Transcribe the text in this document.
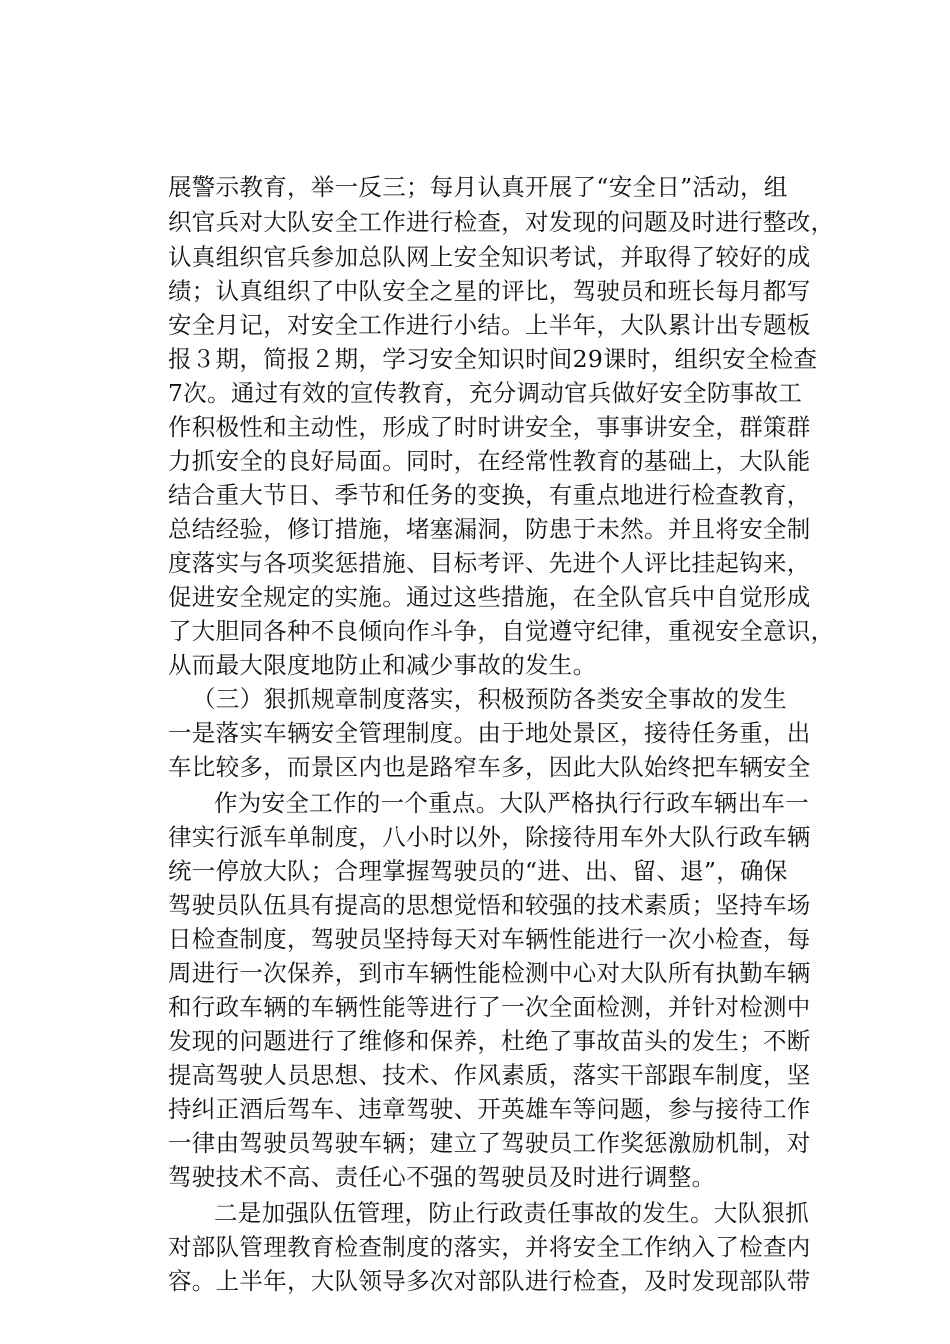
展警示教育，举一反三；每月认真开展了“安全日”活动，组
织官兵对大队安全工作进行检查，对发现的问题及时进行整改，
认真组织官兵参加总队网上安全知识考试，并取得了较好的成
绩；认真组织了中队安全之星的评比，驾驶员和班长每月都写
安全月记，对安全工作进行小结。上半年，大队累计出专题板
报３期，简报２期，学习安全知识时间29课时，组织安全检查
7次。通过有效的宣传教育，充分调动官兵做好安全防事故工
作积极性和主动性，形成了时时讲安全，事事讲安全，群策群
力抓安全的良好局面。同时，在经常性教育的基础上，大队能
结合重大节日、季节和任务的变换，有重点地进行检查教育，
总结经验，修订措施，堵塞漏洞，防患于未然。并且将安全制
度落实与各项奖惩措施、目标考评、先进个人评比挂起钩来，
促进安全规定的实施。通过这些措施，在全队官兵中自觉形成
了大胆同各种不良倾向作斗争，自觉遵守纪律，重视安全意识，
从而最大限度地防止和减少事故的发生。
（三）狠抓规章制度落实，积极预防各类安全事故的发生
一是落实车辆安全管理制度。由于地处景区，接待任务重，出
车比较多，而景区内也是路窄车多，因此大队始终把车辆安全
作为安全工作的一个重点。大队严格执行行政车辆出车一
律实行派车单制度，八小时以外，除接待用车外大队行政车辆
统一停放大队；合理掌握驾驶员的“进、出、留、退”，确保
驾驶员队伍具有提高的思想觉悟和较强的技术素质；坚持车场
日检查制度，驾驶员坚持每天对车辆性能进行一次小检查，每
周进行一次保养，到市车辆性能检测中心对大队所有执勤车辆
和行政车辆的车辆性能等进行了一次全面检测，并针对检测中
发现的问题进行了维修和保养，杜绝了事故苗头的发生；不断
提高驾驶人员思想、技术、作风素质，落实干部跟车制度，坚
持纠正酒后驾车、违章驾驶、开英雄车等问题，参与接待工作
一律由驾驶员驾驶车辆；建立了驾驶员工作奖惩激励机制，对
驾驶技术不高、责任心不强的驾驶员及时进行调整。
二是加强队伍管理，防止行政责任事故的发生。大队狠抓
对部队管理教育检查制度的落实，并将安全工作纳入了检查内
容。上半年，大队领导多次对部队进行检查，及时发现部队带
